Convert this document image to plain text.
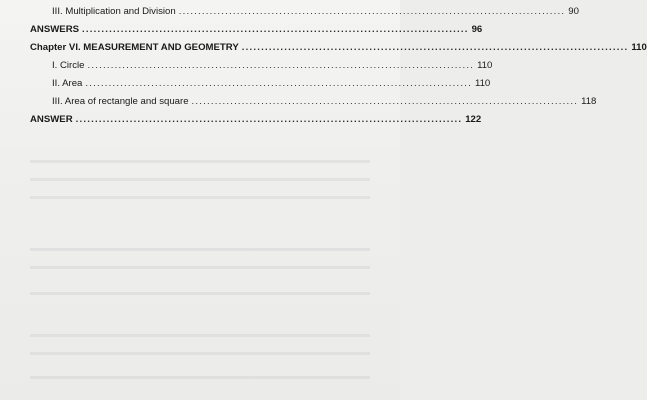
III. Multiplication and Division .................................................................................................... 90
ANSWERS .................................................................................................... 96
Chapter VI. MEASUREMENT AND GEOMETRY .................................................................................................... 110
I. Circle .................................................................................................... 110
II. Area .................................................................................................... 110
III. Area of rectangle and square .................................................................................................... 118
ANSWER .................................................................................................... 122
